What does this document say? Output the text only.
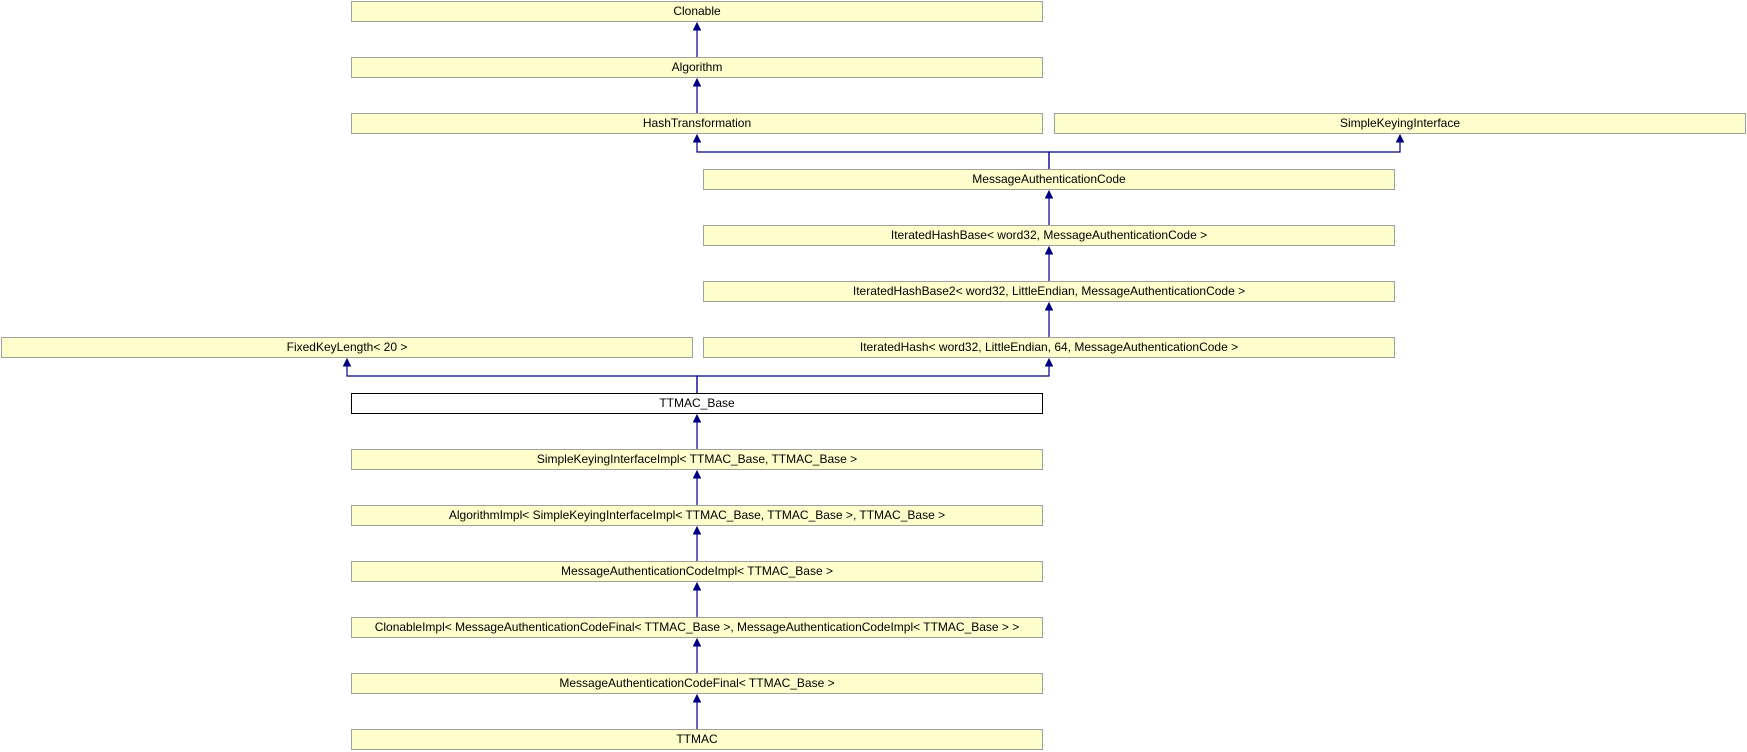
Clonable
Algorithm
HashTransformation	SimpleKeyingInterface
MessageAuthenticationCode
IteratedHashBase< word32, MessageAuthenticationCode >
IteratedHashBase2< word32, LittleEndian, MessageAuthenticationCode >
FixedKeyLength< 20 >	IteratedHash< word32, LittleEndian, 64, MessageAuthenticationCode >
TTMAC_Base
SimpleKeyingInterfaceImpl< TTMAC_Base, TTMAC_Base >
AlgorithmImpl< SimpleKeyingInterfaceImpl< TTMAC_Base, TTMAC_Base >, TTMAC_Base >
MessageAuthenticationCodeImpl< TTMAC_Base >
ClonableImpl< MessageAuthenticationCodeFinal< TTMAC_Base >, MessageAuthenticationCodeImpl< TTMAC_Base > >
MessageAuthenticationCodeFinal< TTMAC_Base >
TTMAC
